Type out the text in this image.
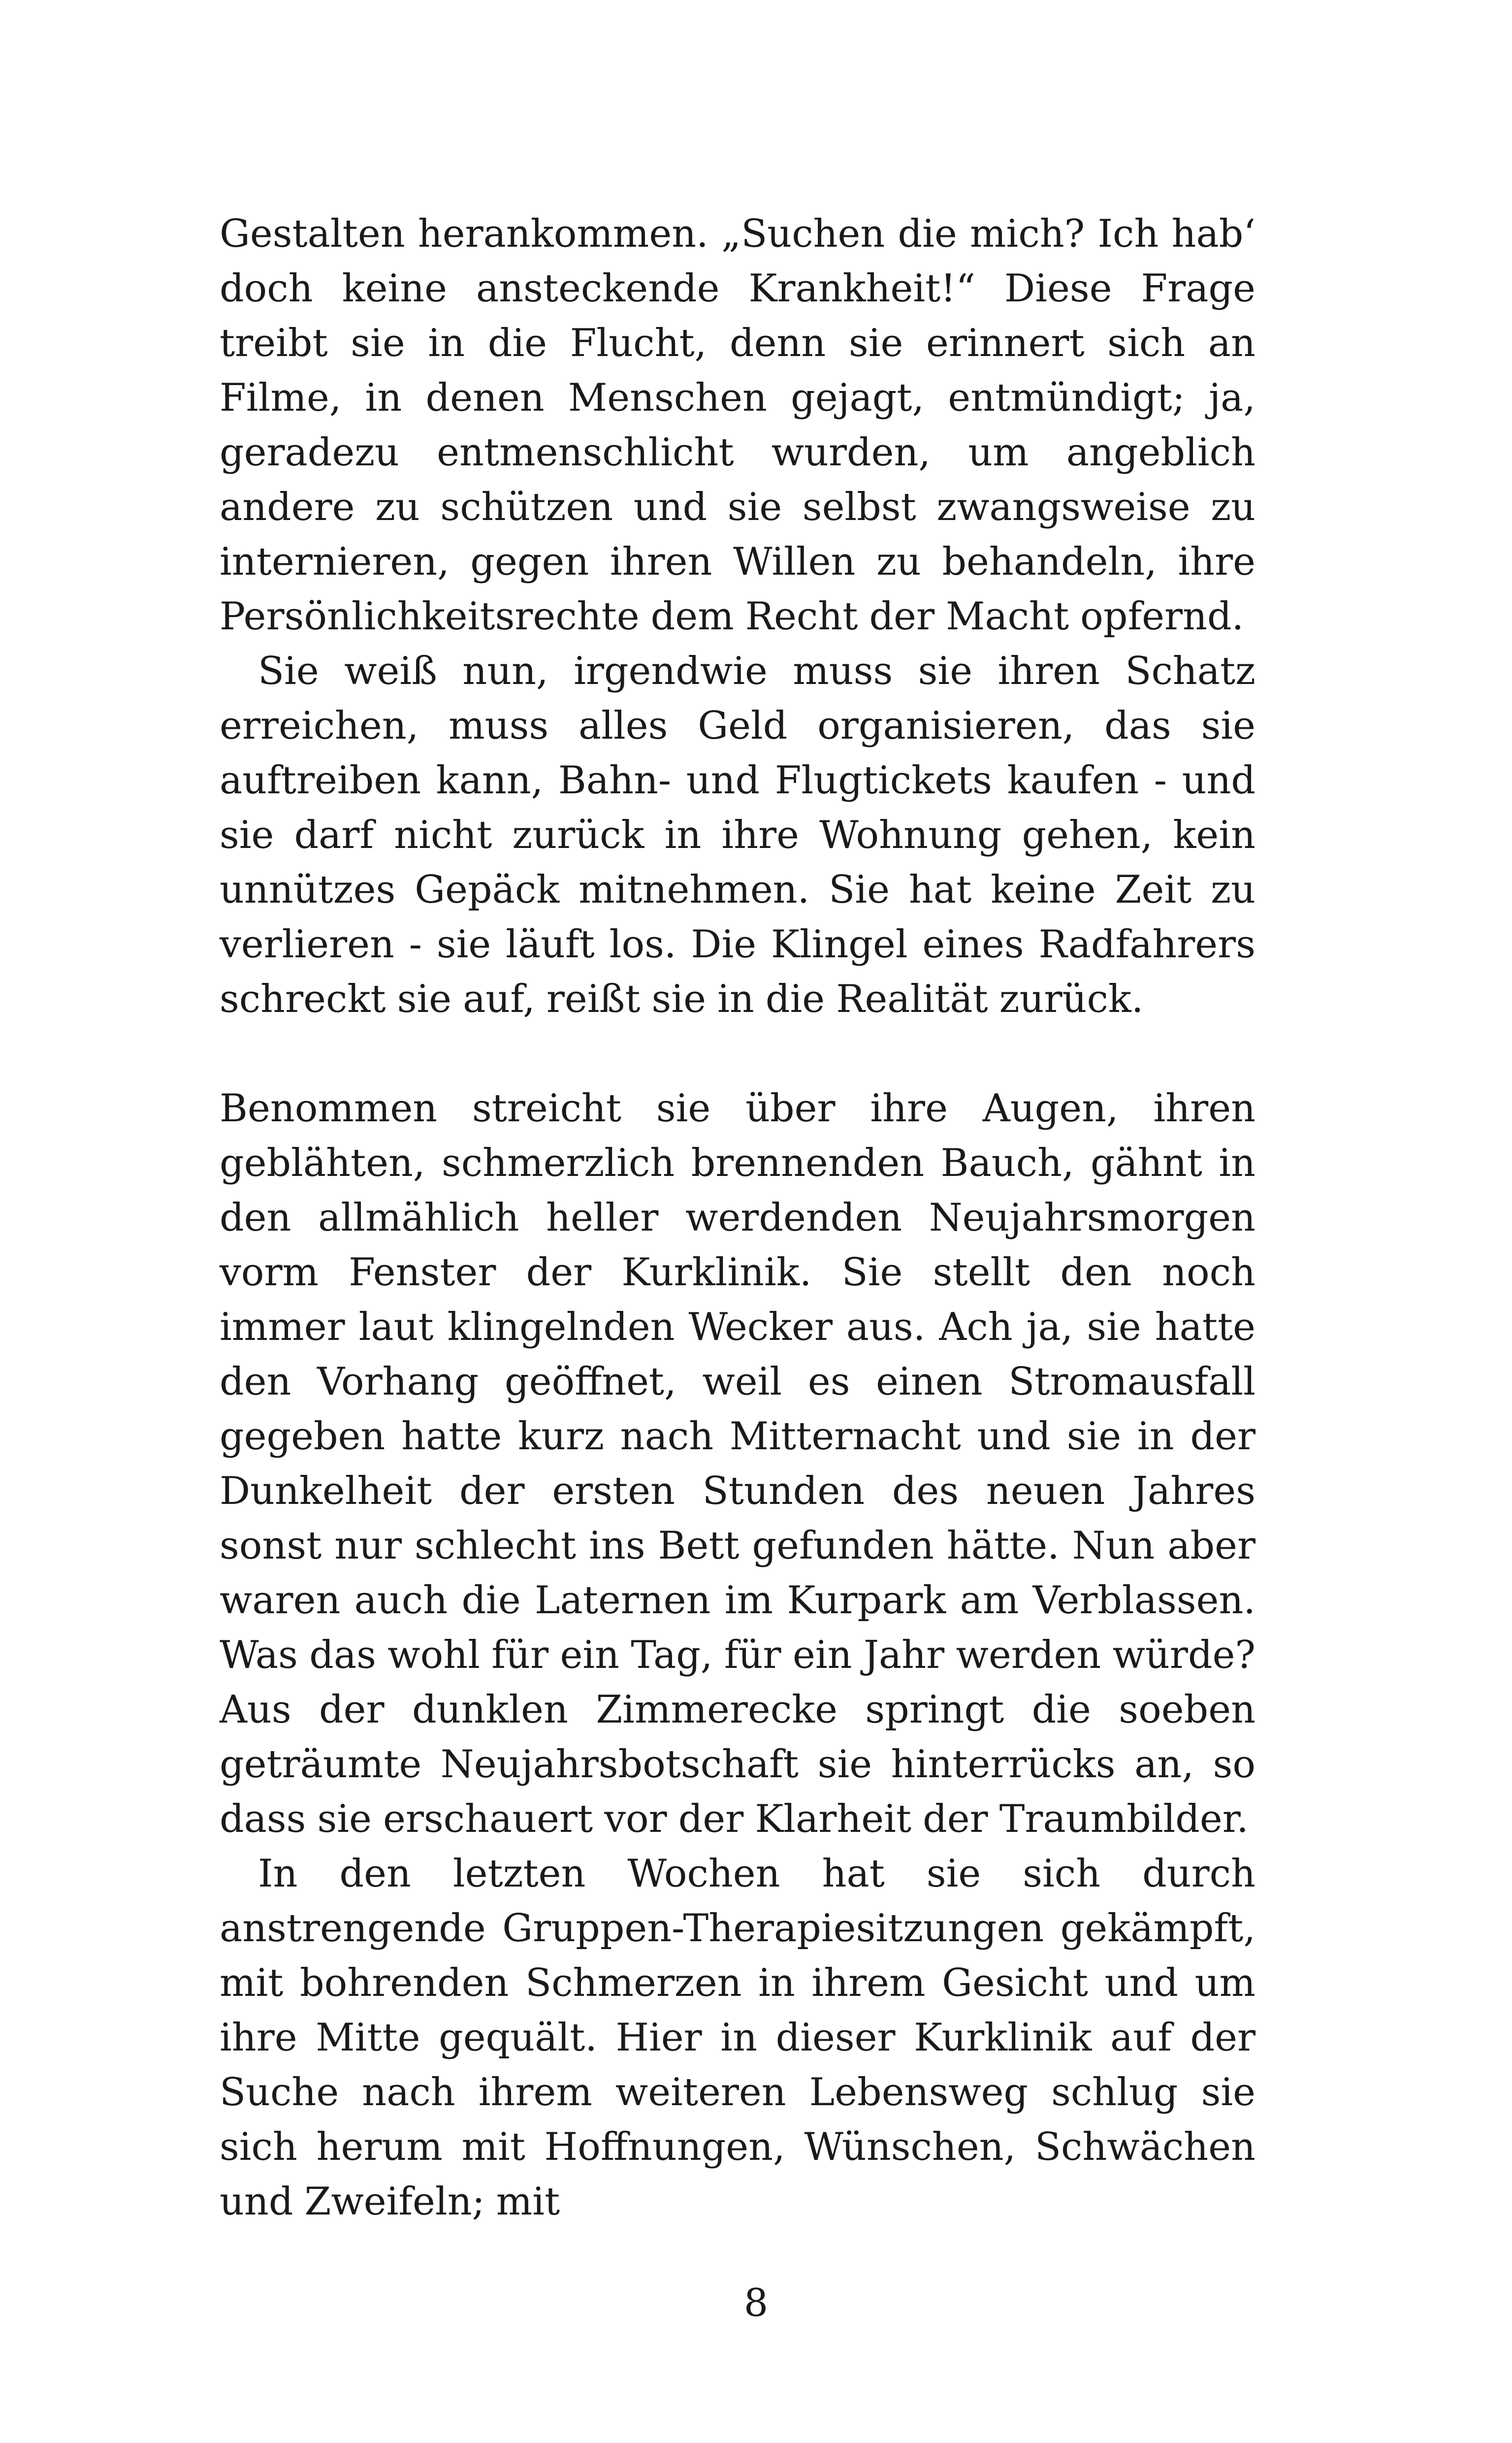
Gestalten herankommen. „Suchen die mich? Ich hab‘ doch keine ansteckende Krankheit!“ Diese Frage treibt sie in die Flucht, denn sie erinnert sich an Filme, in denen Menschen gejagt, entmündigt; ja, geradezu entmenschlicht wurden, um angeblich andere zu schützen und sie selbst zwangsweise zu internieren, gegen ihren Willen zu behandeln, ihre Persönlichkeitsrechte dem Recht der Macht opfernd.

Sie weiß nun, irgendwie muss sie ihren Schatz erreichen, muss alles Geld organisieren, das sie auftreiben kann, Bahn- und Flugtickets kaufen - und sie darf nicht zurück in ihre Wohnung gehen, kein unnützes Gepäck mitnehmen. Sie hat keine Zeit zu verlieren - sie läuft los. Die Klingel eines Radfahrers schreckt sie auf, reißt sie in die Realität zurück.

Benommen streicht sie über ihre Augen, ihren geblähten, schmerzlich brennenden Bauch, gähnt in den allmählich heller werdenden Neujahrsmorgen vorm Fenster der Kurklinik. Sie stellt den noch immer laut klingelnden Wecker aus. Ach ja, sie hatte den Vorhang geöffnet, weil es einen Stromausfall gegeben hatte kurz nach Mitternacht und sie in der Dunkelheit der ersten Stunden des neuen Jahres sonst nur schlecht ins Bett gefunden hätte. Nun aber waren auch die Laternen im Kurpark am Verblassen. Was das wohl für ein Tag, für ein Jahr werden würde? Aus der dunklen Zimmerecke springt die soeben geträumte Neujahrsbotschaft sie hinterrücks an, so dass sie erschauert vor der Klarheit der Traumbilder.

In den letzten Wochen hat sie sich durch anstrengende Gruppen-Therapiesitzungen gekämpft, mit bohrenden Schmerzen in ihrem Gesicht und um ihre Mitte gequält. Hier in dieser Kurklinik auf der Suche nach ihrem weiteren Lebensweg schlug sie sich herum mit Hoffnungen, Wünschen, Schwächen und Zweifeln; mit

8
